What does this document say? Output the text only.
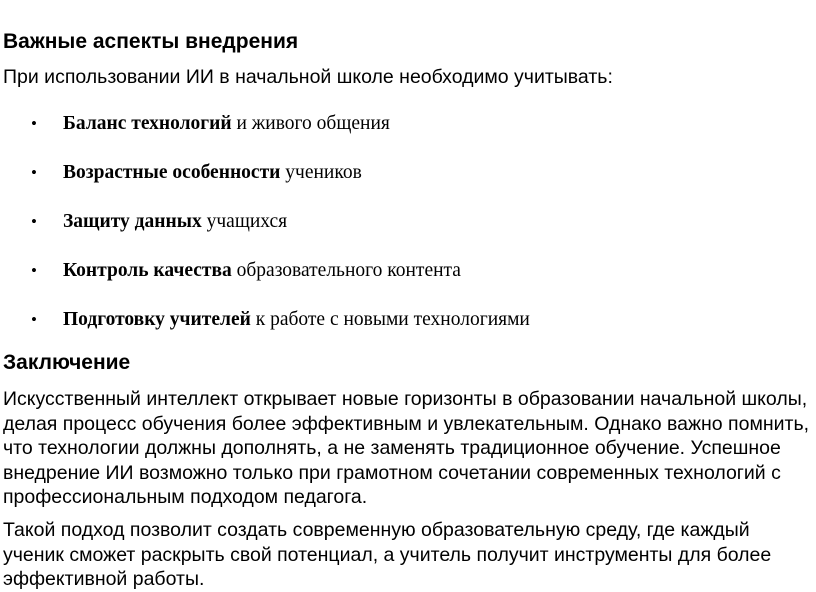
Важные аспекты внедрения

При использовании ИИ в начальной школе необходимо учитывать:

• Баланс технологий и живого общения
• Возрастные особенности учеников
• Защиту данных учащихся
• Контроль качества образовательного контента
• Подготовку учителей к работе с новыми технологиями
Заключение

Искусственный интеллект открывает новые горизонты в образовании начальной школы, делая процесс обучения более эффективным и увлекательным. Однако важно помнить, что технологии должны дополнять, а не заменять традиционное обучение. Успешное внедрение ИИ возможно только при грамотном сочетании современных технологий с профессиональным подходом педагога.

Такой подход позволит создать современную образовательную среду, где каждый ученик сможет раскрыть свой потенциал, а учитель получит инструменты для более эффективной работы.
